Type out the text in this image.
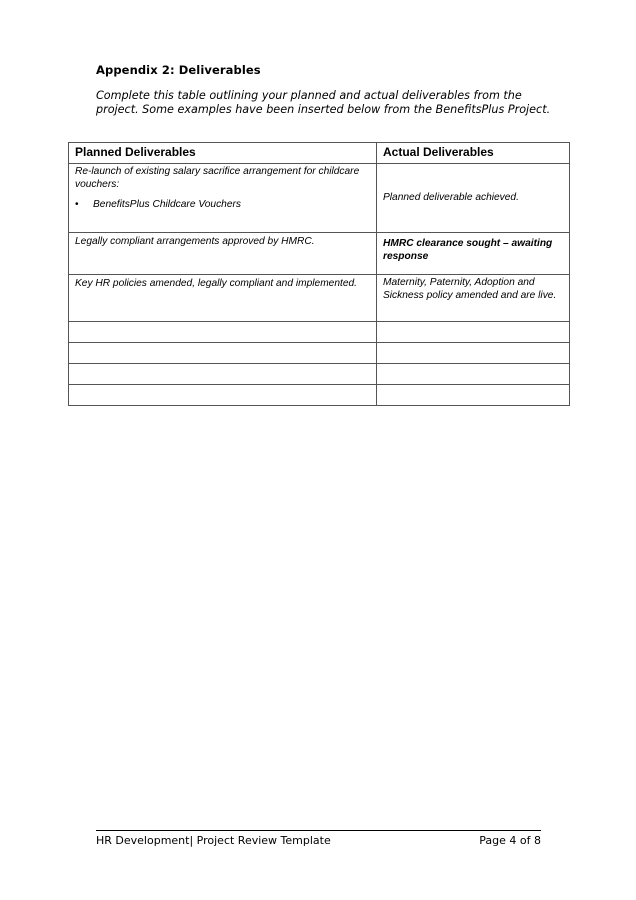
Appendix 2: Deliverables
Complete this table outlining your planned and actual deliverables from the
project. Some examples have been inserted below from the BenefitsPlus Project.
Planned Deliverables	Actual Deliverables

Re-launch of existing salary sacrifice arrangement for childcare vouchers:
• BenefitsPlus Childcare Vouchers	Planned deliverable achieved.
Legally compliant arrangements approved by HMRC.	HMRC clearance sought – awaiting response
Key HR policies amended, legally compliant and implemented.	Maternity, Paternity, Adoption and Sickness policy amended and are live.

HR Development| Project Review Template	Page 4 of 8
